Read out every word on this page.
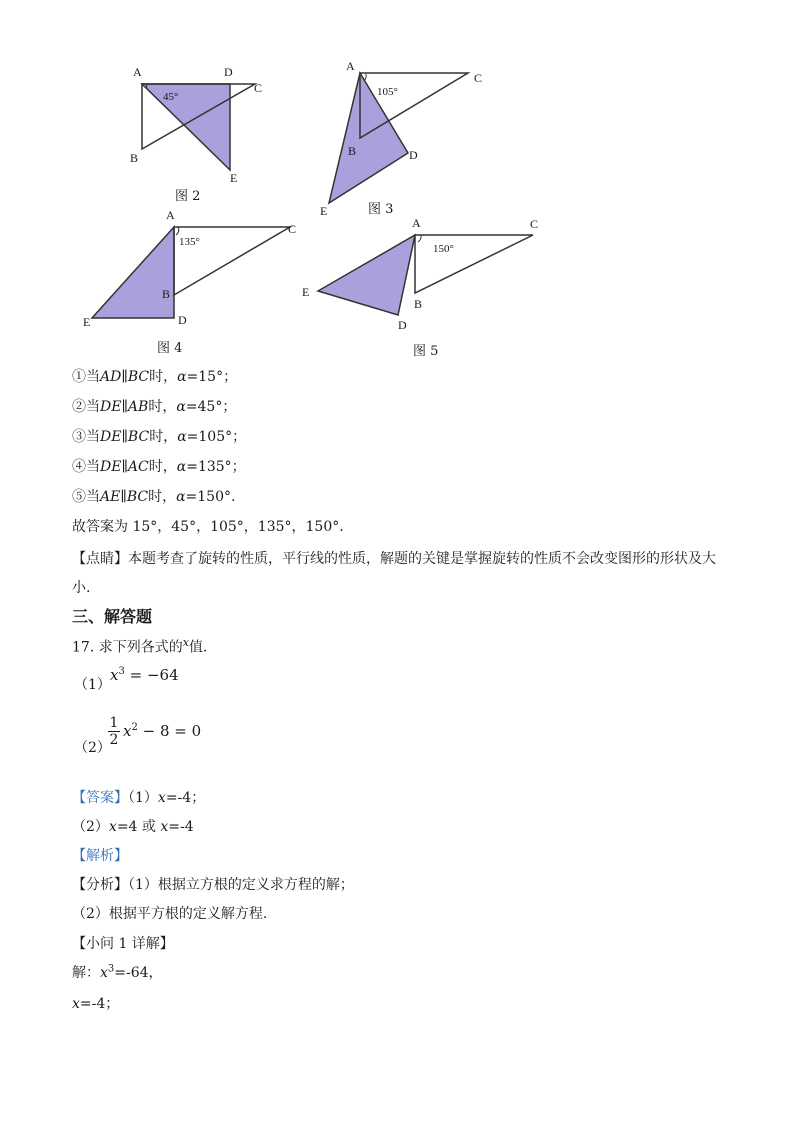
A	D
C
B
E
45°
图 2
A
C
B	D
E
105°
图 3
A
C
B
D
E
135°
图 4
A	C
B
D
E
150°
图 5
①当AD∥BC时，α=15°；
②当DE∥AB时，α=45°；
③当DE∥BC时，α=105°；
④当DE∥AC时，α=135°；
⑤当AE∥BC时，α=150°.
故答案为 15°，45°，105°，135°，150°.
【点睛】本题考查了旋转的性质，平行线的性质，解题的关键是掌握旋转的性质不会改变图形的形状及大
小.
三、解答题
17. 求下列各式的$^x$值.
（1）
$x^3 = -64$
（2）
$\frac{1}{2} x^2 - 8 = 0$
【答案】（1）x=-4；
（2）x=4 或 x=-4
【解析】
【分析】（1）根据立方根的定义求方程的解；
（2）根据平方根的定义解方程.
【小问 1 详解】
解：$x^3=-64$，
x=-4；
